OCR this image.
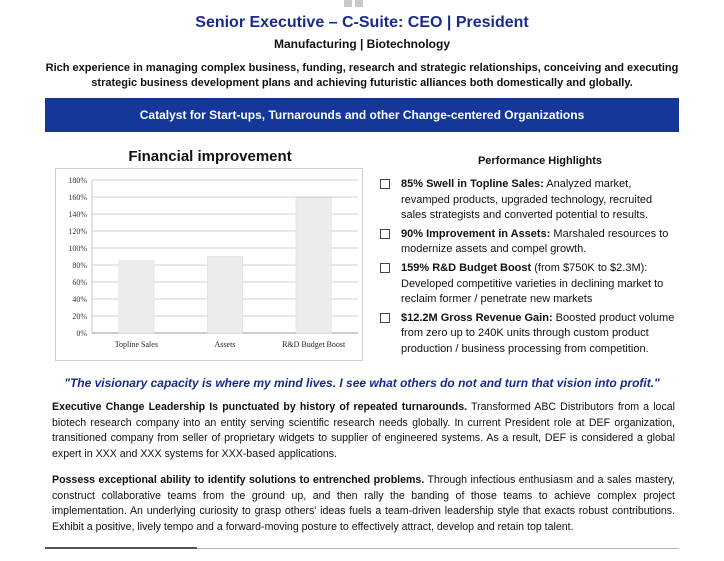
Senior Executive – C-Suite: CEO | President
Manufacturing | Biotechnology

Rich experience in managing complex business, funding, research and strategic relationships, conceiving and executing strategic business development plans and achieving futuristic alliances both domestically and globally.

Catalyst for Start-ups, Turnarounds and other Change-centered Organizations
Financial improvement
0%
20%
40%
60%
80%
100%
120%
140%
160%
180%
Topline Sales	Assets	R&D Budget Boost
Performance Highlights
85% Swell in Topline Sales: Analyzed market, revamped products, upgraded technology, recruited sales strategists and converted potential to results.
90% Improvement in Assets: Marshaled resources to modernize assets and compel growth.
159% R&D Budget Boost (from $750K to $2.3M): Developed competitive varieties in declining market to reclaim former / penetrate new markets
$12.2M Gross Revenue Gain: Boosted product volume from zero up to 240K units through custom product production / business processing from competition.
"The visionary capacity is where my mind lives. I see what others do not and turn that vision into profit."

Executive Change Leadership Is punctuated by history of repeated turnarounds. Transformed ABC Distributors from a local biotech research company into an entity serving scientific research needs globally. In current President role at DEF organization, transitioned company from seller of proprietary widgets to supplier of engineered systems. As a result, DEF is considered a global expert in XXX and XXX systems for XXX-based applications.

Possess exceptional ability to identify solutions to entrenched problems. Through infectious enthusiasm and a sales mastery, construct collaborative teams from the ground up, and then rally the banding of those teams to achieve complex project implementation. An underlying curiosity to grasp others' ideas fuels a team-driven leadership style that exacts robust contributions. Exhibit a positive, lively tempo and a forward-moving posture to effectively attract, develop and retain top talent.
